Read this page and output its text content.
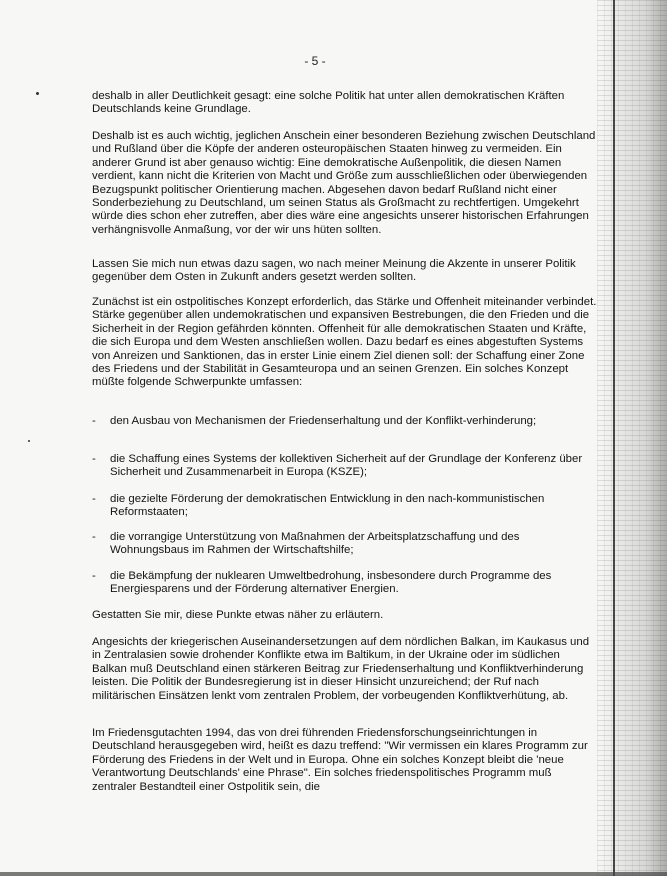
- 5 -
deshalb in aller Deutlichkeit gesagt: eine solche Politik hat unter allen demokratischen Kräften Deutschlands keine Grundlage.
Deshalb ist es auch wichtig, jeglichen Anschein einer besonderen Beziehung zwischen Deutschland und Rußland über die Köpfe der anderen osteuropäischen Staaten hinweg zu vermeiden. Ein anderer Grund ist aber genauso wichtig: Eine demokratische Außenpolitik, die diesen Namen verdient, kann nicht die Kriterien von Macht und Größe zum ausschließlichen oder überwiegenden Bezugspunkt politischer Orientierung machen. Abgesehen davon bedarf Rußland nicht einer Sonderbeziehung zu Deutschland, um seinen Status als Großmacht zu rechtfertigen. Umgekehrt würde dies schon eher zutreffen, aber dies wäre eine angesichts unserer historischen Erfahrungen verhängnisvolle Anmaßung, vor der wir uns hüten sollten.
Lassen Sie mich nun etwas dazu sagen, wo nach meiner Meinung die Akzente in unserer Politik gegenüber dem Osten in Zukunft anders gesetzt werden sollten.
Zunächst ist ein ostpolitisches Konzept erforderlich, das Stärke und Offenheit miteinander verbindet. Stärke gegenüber allen undemokratischen und expansiven Bestrebungen, die den Frieden und die Sicherheit in der Region gefährden könnten. Offenheit für alle demokratischen Staaten und Kräfte, die sich Europa und dem Westen anschließen wollen. Dazu bedarf es eines abgestuften Systems von Anreizen und Sanktionen, das in erster Linie einem Ziel dienen soll: der Schaffung einer Zone des Friedens und der Stabilität in Gesamteuropa und an seinen Grenzen. Ein solches Konzept müßte folgende Schwerpunkte umfassen:
- den Ausbau von Mechanismen der Friedenserhaltung und der Konflikt-verhinderung;
- die Schaffung eines Systems der kollektiven Sicherheit auf der Grundlage der Konferenz über Sicherheit und Zusammenarbeit in Europa (KSZE);
- die gezielte Förderung der demokratischen Entwicklung in den nach-kommunistischen Reformstaaten;
- die vorrangige Unterstützung von Maßnahmen der Arbeitsplatzschaffung und des Wohnungsbaus im Rahmen der Wirtschaftshilfe;
- die Bekämpfung der nuklearen Umweltbedrohung, insbesondere durch Programme des Energiesparens und der Förderung alternativer Energien.
Gestatten Sie mir, diese Punkte etwas näher zu erläutern.
Angesichts der kriegerischen Auseinandersetzungen auf dem nördlichen Balkan, im Kaukasus und in Zentralasien sowie drohender Konflikte etwa im Baltikum, in der Ukraine oder im südlichen Balkan muß Deutschland einen stärkeren Beitrag zur Friedenserhaltung und Konfliktverhinderung leisten. Die Politik der Bundesregierung ist in dieser Hinsicht unzureichend; der Ruf nach militärischen Einsätzen lenkt vom zentralen Problem, der vorbeugenden Konfliktverhütung, ab.
Im Friedensgutachten 1994, das von drei führenden Friedensforschungseinrichtungen in Deutschland herausgegeben wird, heißt es dazu treffend: "Wir vermissen ein klares Programm zur Förderung des Friedens in der Welt und in Europa. Ohne ein solches Konzept bleibt die 'neue Verantwortung Deutschlands' eine Phrase". Ein solches friedenspolitisches Programm muß zentraler Bestandteil einer Ostpolitik sein, die
